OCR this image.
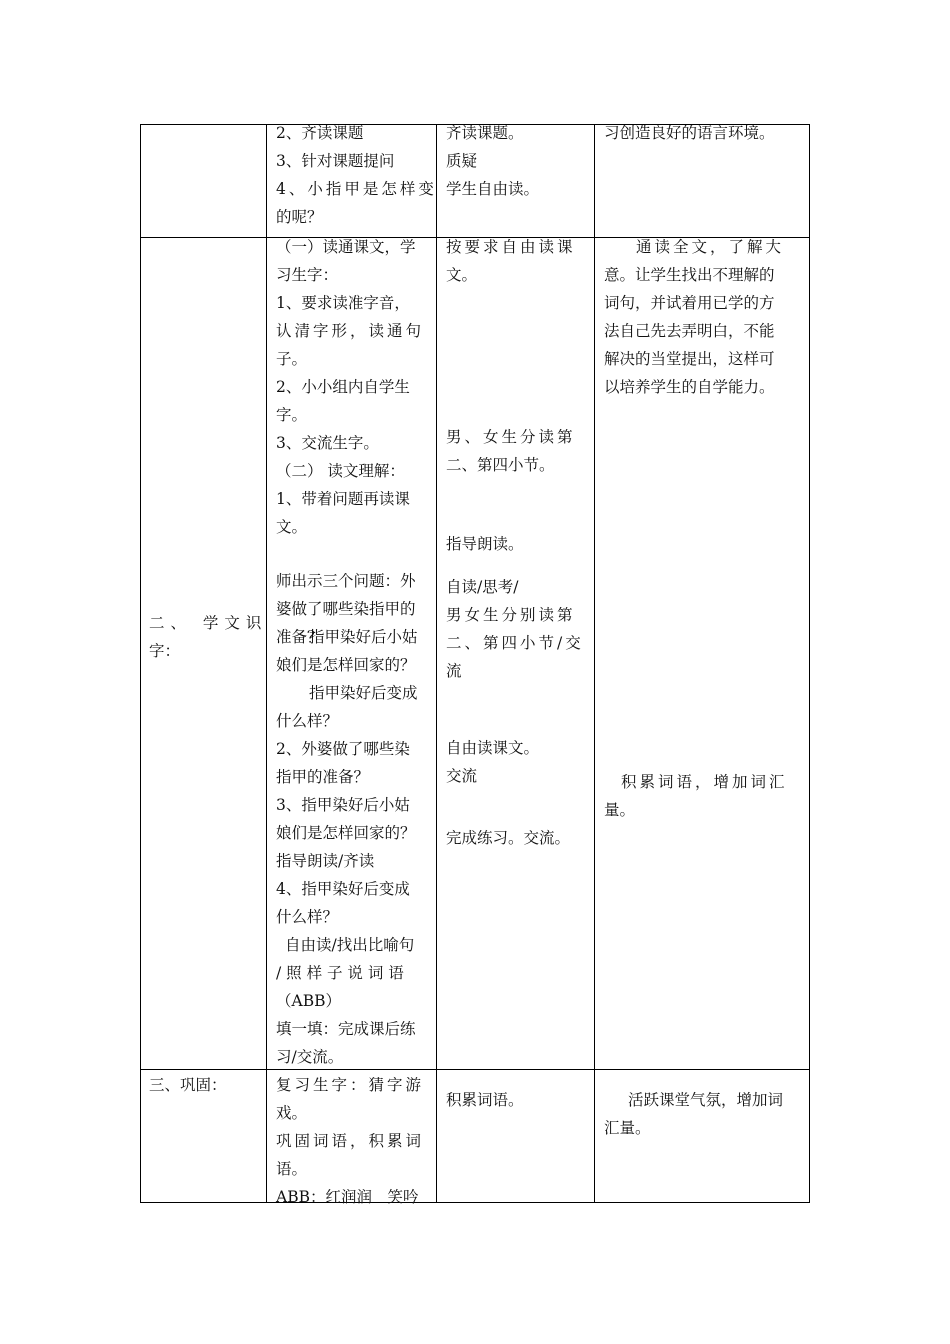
2、齐读课题
3、针对课题提问
4、小指甲是怎样变
的呢？
齐读课题。
质疑
学生自由读。
习创造良好的语言环境。
二、 学文识
字：
（一）读通课文，学
习生字：
1、要求读准字音，
认清字形，读通句
子。
2、小小组内自学生
字。
3、交流生字。
（二） 读文理解：
1、带着问题再读课
文。
师出示三个问题：外
婆做了哪些染指甲的
准备？
指甲染好后小姑
娘们是怎样回家的？
指甲染好后变成
什么样？
2、外婆做了哪些染
指甲的准备？
3、指甲染好后小姑
娘们是怎样回家的？
指导朗读/齐读
4、指甲染好后变成
什么样？
自由读/找出比喻句
/ 照 样 子 说 词 语
（ABB）
填一填：完成课后练
习/交流。
按要求自由读课
文。
男、女生分读第
二、第四小节。
指导朗读。
自读/思考/
男女生分别读第
二、第四小节/交
流
自由读课文。
交流
完成练习。交流。
通读全文，了解大
意。让学生找出不理解的
词句，并试着用已学的方
法自己先去弄明白，不能
解决的当堂提出，这样可
以培养学生的自学能力。
积累词语，增加词汇
量。
三、巩固：	复习生字：猜字游
戏。
巩固词语，积累词
语。
ABB：红润润　笑吟
积累词语。	活跃课堂气氛，增加词
汇量。
